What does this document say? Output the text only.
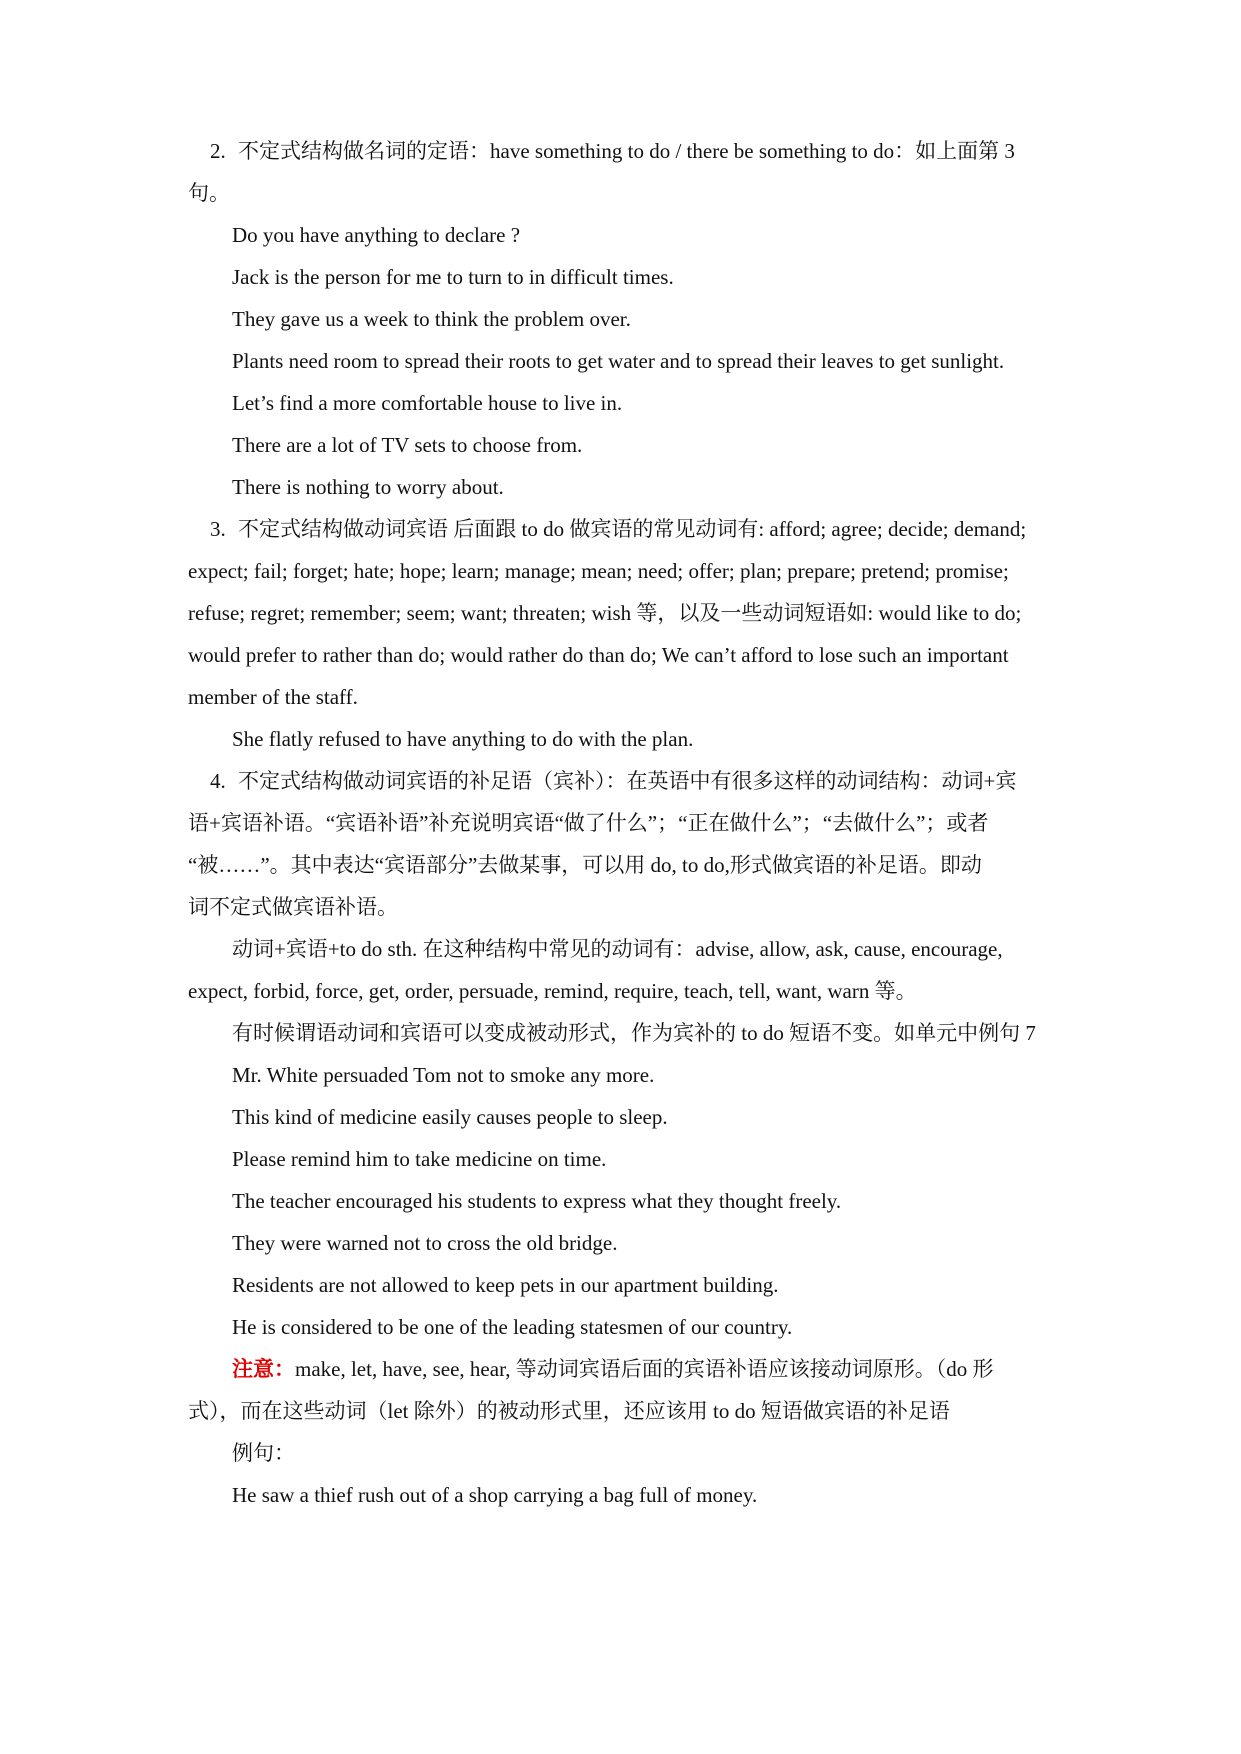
2. 不定式结构做名词的定语：have something to do / there be something to do：如上面第 3
句。
Do you have anything to declare ?
Jack is the person for me to turn to in difficult times.
They gave us a week to think the problem over.
Plants need room to spread their roots to get water and to spread their leaves to get sunlight.
Let’s find a more comfortable house to live in.
There are a lot of TV sets to choose from.
There is nothing to worry about.
3. 不定式结构做动词宾语 后面跟 to do 做宾语的常见动词有: afford; agree; decide; demand;
expect; fail; forget; hate; hope; learn; manage; mean; need; offer; plan; prepare; pretend; promise;
refuse; regret; remember; seem; want; threaten; wish 等，以及一些动词短语如: would like to do;
would prefer to rather than do; would rather do than do; We can’t afford to lose such an important
member of the staff.
She flatly refused to have anything to do with the plan.
4. 不定式结构做动词宾语的补足语（宾补）：在英语中有很多这样的动词结构：动词+宾
语+宾语补语。“宾语补语”补充说明宾语“做了什么”；“正在做什么”；“去做什么”；或者
“被……”。其中表达“宾语部分”去做某事，可以用 do, to do,形式做宾语的补足语。即动
词不定式做宾语补语。
动词+宾语+to do sth. 在这种结构中常见的动词有：advise, allow, ask, cause, encourage,
expect, forbid, force, get, order, persuade, remind, require, teach, tell, want, warn 等。
有时候谓语动词和宾语可以变成被动形式，作为宾补的 to do 短语不变。如单元中例句 7
Mr. White persuaded Tom not to smoke any more.
This kind of medicine easily causes people to sleep.
Please remind him to take medicine on time.
The teacher encouraged his students to express what they thought freely.
They were warned not to cross the old bridge.
Residents are not allowed to keep pets in our apartment building.
He is considered to be one of the leading statesmen of our country.
注意：make, let, have, see, hear, 等动词宾语后面的宾语补语应该接动词原形。（do 形
式），而在这些动词（let 除外）的被动形式里，还应该用 to do 短语做宾语的补足语
例句：
He saw a thief rush out of a shop carrying a bag full of money.
